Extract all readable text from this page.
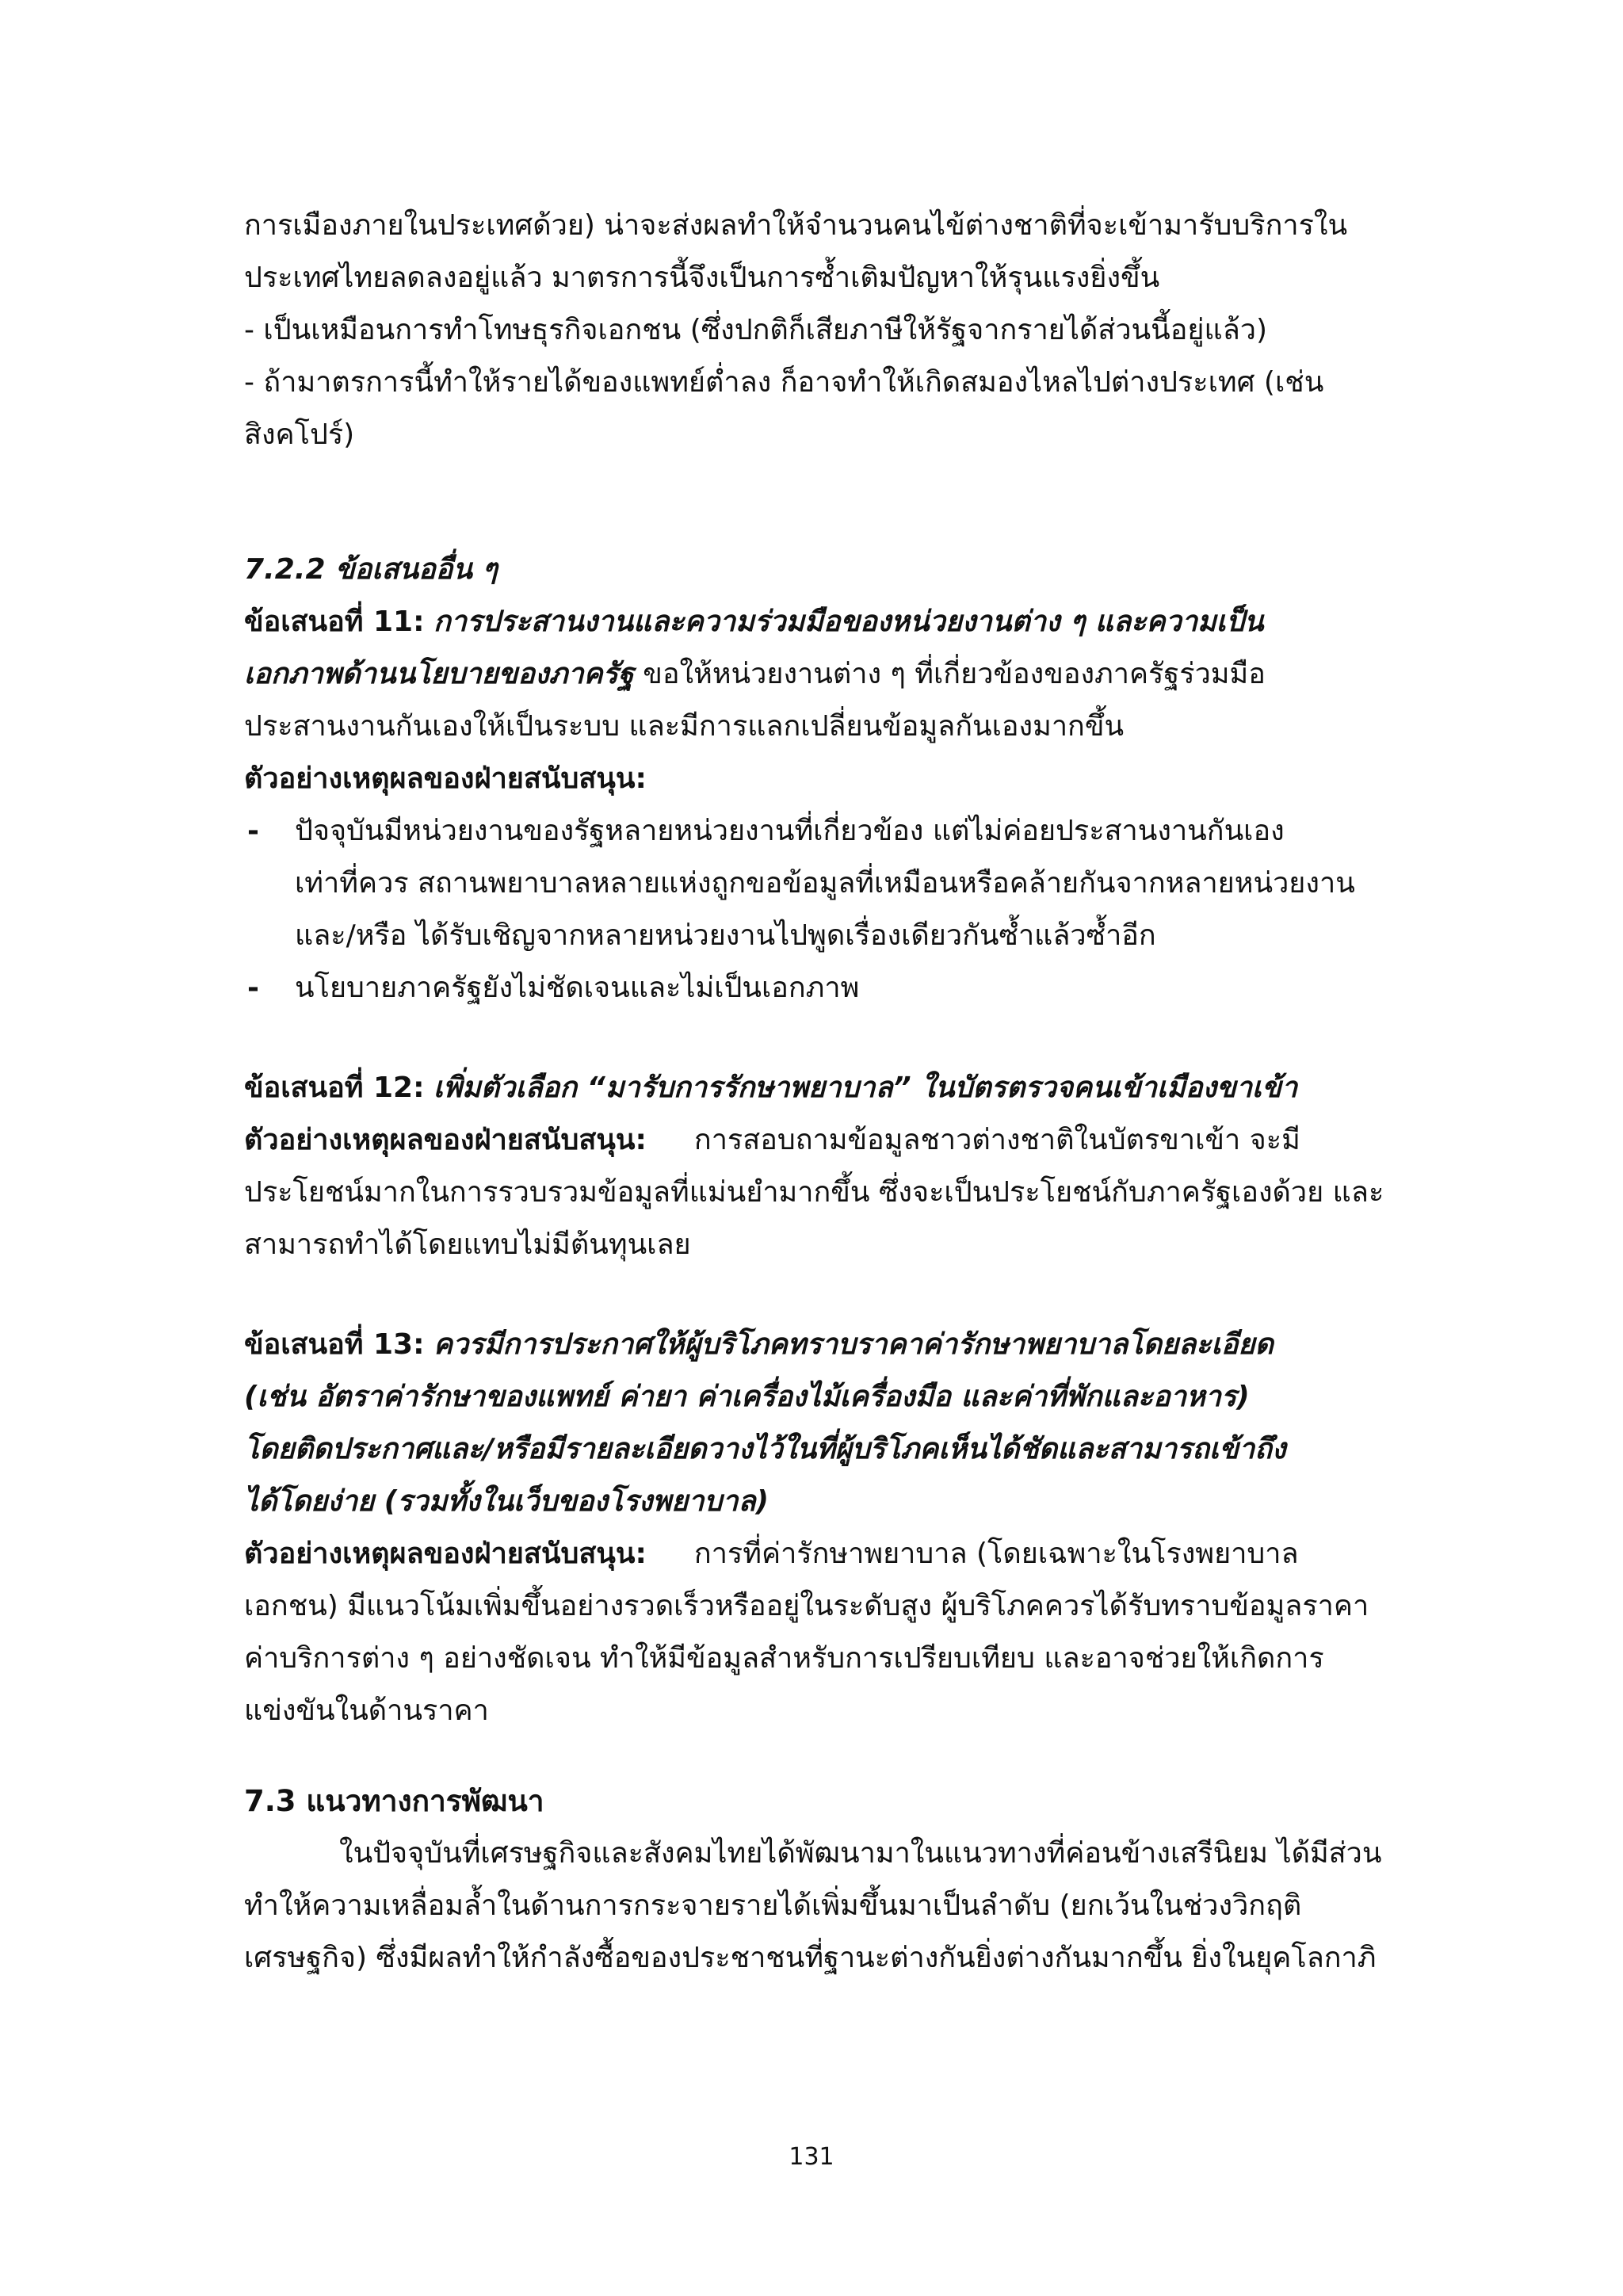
การเมืองภายในประเทศด้วย) น่าจะส่งผลทำให้จำนวนคนไข้ต่างชาติที่จะเข้ามารับบริการใน

ประเทศไทยลดลงอยู่แล้ว มาตรการนี้จึงเป็นการซ้ำเติมปัญหาให้รุนแรงยิ่งขึ้น

- เป็นเหมือนการทำโทษธุรกิจเอกชน (ซึ่งปกติก็เสียภาษีให้รัฐจากรายได้ส่วนนี้อยู่แล้ว)

- ถ้ามาตรการนี้ทำให้รายได้ของแพทย์ต่ำลง ก็อาจทำให้เกิดสมองไหลไปต่างประเทศ (เช่น

สิงคโปร์)

7.2.2 ข้อเสนออื่น ๆ

ข้อเสนอที่ 11: การประสานงานและความร่วมมือของหน่วยงานต่าง ๆ และความเป็น

เอกภาพด้านนโยบายของภาครัฐ ขอให้หน่วยงานต่าง ๆ ที่เกี่ยวข้องของภาครัฐร่วมมือ

ประสานงานกันเองให้เป็นระบบ และมีการแลกเปลี่ยนข้อมูลกันเองมากขึ้น

ตัวอย่างเหตุผลของฝ่ายสนับสนุน:

- ปัจจุบันมีหน่วยงานของรัฐหลายหน่วยงานที่เกี่ยวข้อง แต่ไม่ค่อยประสานงานกันเอง
เท่าที่ควร สถานพยาบาลหลายแห่งถูกขอข้อมูลที่เหมือนหรือคล้ายกันจากหลายหน่วยงาน
และ/หรือ ได้รับเชิญจากหลายหน่วยงานไปพูดเรื่องเดียวกันซ้ำแล้วซ้ำอีก
- นโยบายภาครัฐยังไม่ชัดเจนและไม่เป็นเอกภาพ

ข้อเสนอที่ 12: เพิ่มตัวเลือก “มารับการรักษาพยาบาล” ในบัตรตรวจคนเข้าเมืองขาเข้า

ตัวอย่างเหตุผลของฝ่ายสนับสนุน: การสอบถามข้อมูลชาวต่างชาติในบัตรขาเข้า จะมี

ประโยชน์มากในการรวบรวมข้อมูลที่แม่นยำมากขึ้น ซึ่งจะเป็นประโยชน์กับภาครัฐเองด้วย และ

สามารถทำได้โดยแทบไม่มีต้นทุนเลย

ข้อเสนอที่ 13: ควรมีการประกาศให้ผู้บริโภคทราบราคาค่ารักษาพยาบาลโดยละเอียด

(เช่น อัตราค่ารักษาของแพทย์ ค่ายา ค่าเครื่องไม้เครื่องมือ และค่าที่พักและอาหาร)

โดยติดประกาศและ/หรือมีรายละเอียดวางไว้ในที่ผู้บริโภคเห็นได้ชัดและสามารถเข้าถึง

ได้โดยง่าย (รวมทั้งในเว็บของโรงพยาบาล)

ตัวอย่างเหตุผลของฝ่ายสนับสนุน: การที่ค่ารักษาพยาบาล (โดยเฉพาะในโรงพยาบาล

เอกชน) มีแนวโน้มเพิ่มขึ้นอย่างรวดเร็วหรืออยู่ในระดับสูง ผู้บริโภคควรได้รับทราบข้อมูลราคา

ค่าบริการต่าง ๆ อย่างชัดเจน ทำให้มีข้อมูลสำหรับการเปรียบเทียบ และอาจช่วยให้เกิดการ

แข่งขันในด้านราคา

7.3 แนวทางการพัฒนา

ในปัจจุบันที่เศรษฐกิจและสังคมไทยได้พัฒนามาในแนวทางที่ค่อนข้างเสรีนิยม ได้มีส่วน

ทำให้ความเหลื่อมล้ำในด้านการกระจายรายได้เพิ่มขึ้นมาเป็นลำดับ (ยกเว้นในช่วงวิกฤติ

เศรษฐกิจ) ซึ่งมีผลทำให้กำลังซื้อของประชาชนที่ฐานะต่างกันยิ่งต่างกันมากขึ้น ยิ่งในยุคโลกาภิ

131
